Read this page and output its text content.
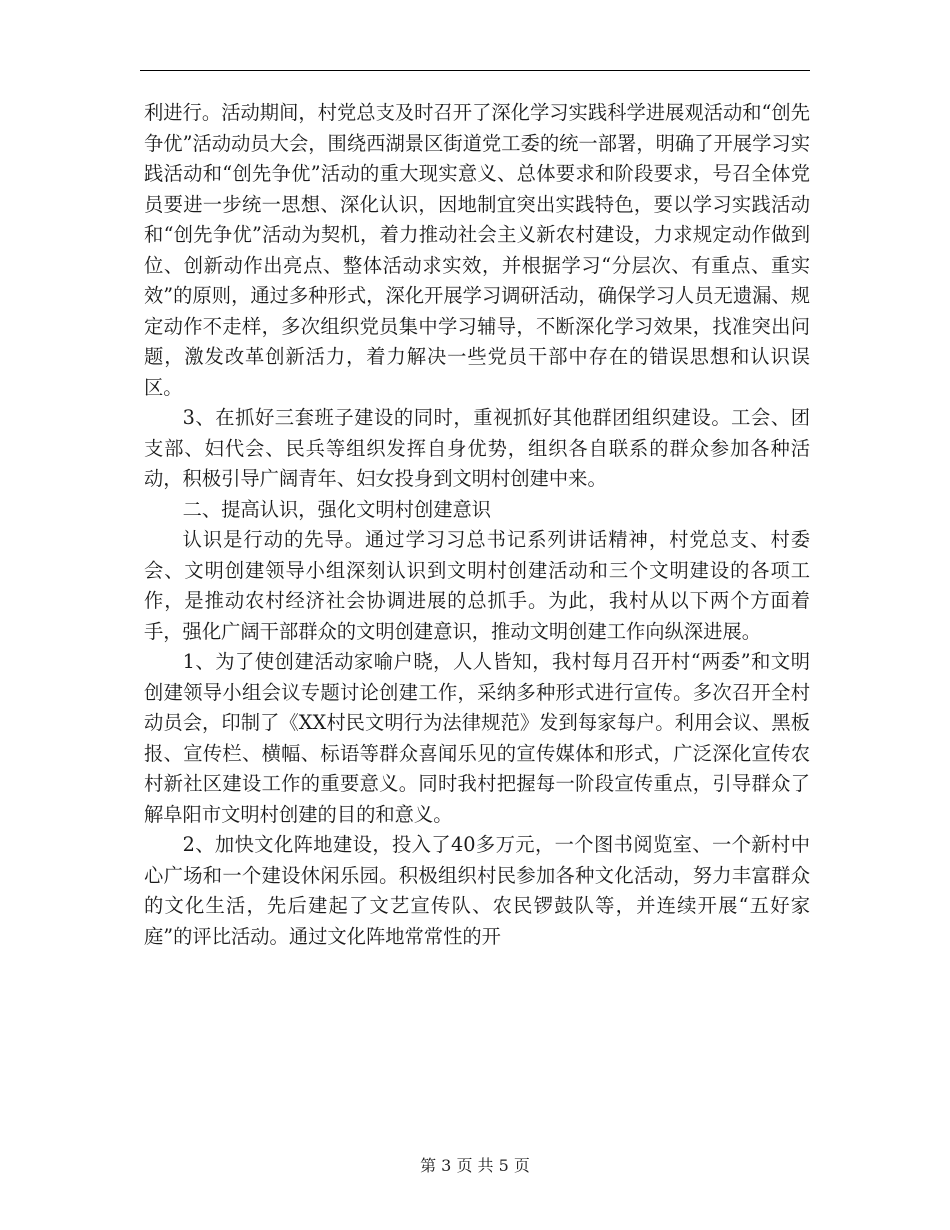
利进行。活动期间，村党总支及时召开了深化学习实践科学进展观活动和“创先争优”活动动员大会，围绕西湖景区街道党工委的统一部署，明确了开展学习实践活动和“创先争优”活动的重大现实意义、总体要求和阶段要求，号召全体党员要进一步统一思想、深化认识，因地制宜突出实践特色，要以学习实践活动和“创先争优”活动为契机，着力推动社会主义新农村建设，力求规定动作做到位、创新动作出亮点、整体活动求实效，并根据学习“分层次、有重点、重实效”的原则，通过多种形式，深化开展学习调研活动，确保学习人员无遗漏、规定动作不走样，多次组织党员集中学习辅导，不断深化学习效果，找准突出问题，激发改革创新活力，着力解决一些党员干部中存在的错误思想和认识误区。

3、在抓好三套班子建设的同时，重视抓好其他群团组织建设。工会、团支部、妇代会、民兵等组织发挥自身优势，组织各自联系的群众参加各种活动，积极引导广阔青年、妇女投身到文明村创建中来。

二、提高认识，强化文明村创建意识

认识是行动的先导。通过学习习总书记系列讲话精神，村党总支、村委会、文明创建领导小组深刻认识到文明村创建活动和三个文明建设的各项工作，是推动农村经济社会协调进展的总抓手。为此，我村从以下两个方面着手，强化广阔干部群众的文明创建意识，推动文明创建工作向纵深进展。

1、为了使创建活动家喻户晓，人人皆知，我村每月召开村“两委”和文明创建领导小组会议专题讨论创建工作，采纳多种形式进行宣传。多次召开全村动员会，印制了《XX村民文明行为法律规范》发到每家每户。利用会议、黑板报、宣传栏、横幅、标语等群众喜闻乐见的宣传媒体和形式，广泛深化宣传农村新社区建设工作的重要意义。同时我村把握每一阶段宣传重点，引导群众了解阜阳市文明村创建的目的和意义。

2、加快文化阵地建设，投入了40多万元，一个图书阅览室、一个新村中心广场和一个建设休闲乐园。积极组织村民参加各种文化活动，努力丰富群众的文化生活，先后建起了文艺宣传队、农民锣鼓队等，并连续开展“五好家庭”的评比活动。通过文化阵地常常性的开

第 3 页 共 5 页
